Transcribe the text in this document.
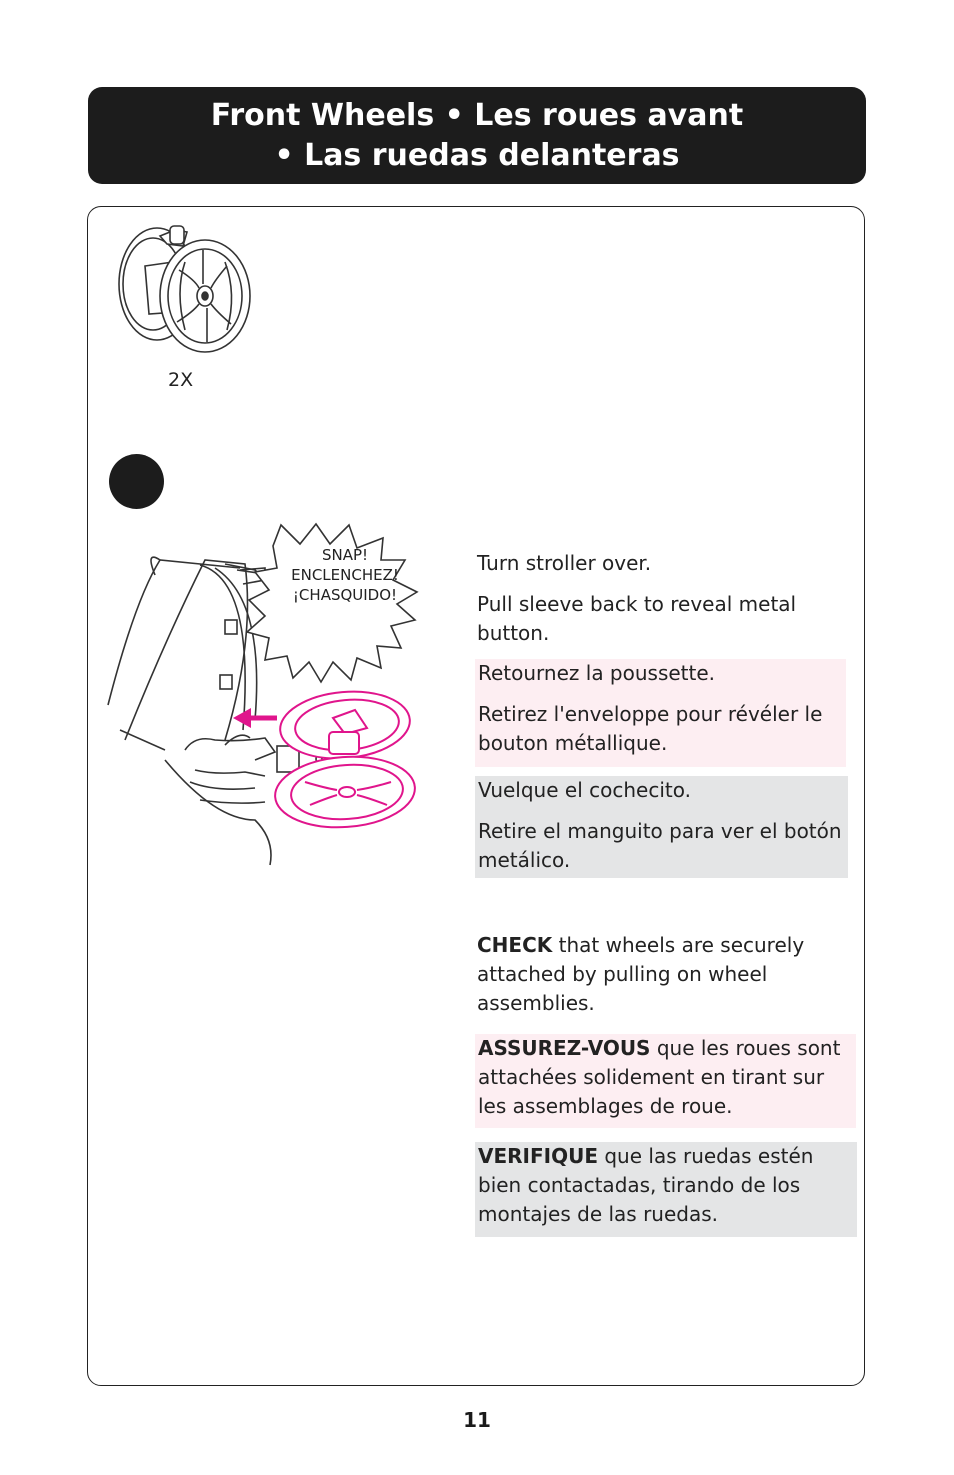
Front Wheels • Les roues avant
• Las ruedas delanteras
2X
SNAP!
ENCLENCHEZ!
¡CHASQUIDO!

Turn stroller over.

Pull sleeve back to reveal metal button.

Retournez la poussette.

Retirez l'enveloppe pour révéler le bouton métallique.

Vuelque el cochecito.

Retire el manguito para ver el botón metálico.

CHECK that wheels are securely attached by pulling on wheel assemblies.
ASSUREZ-VOUS que les roues sont attachées solidement en tirant sur les assemblages de roue.
VERIFIQUE que las ruedas estén bien contactadas, tirando de los montajes de las ruedas.
11
